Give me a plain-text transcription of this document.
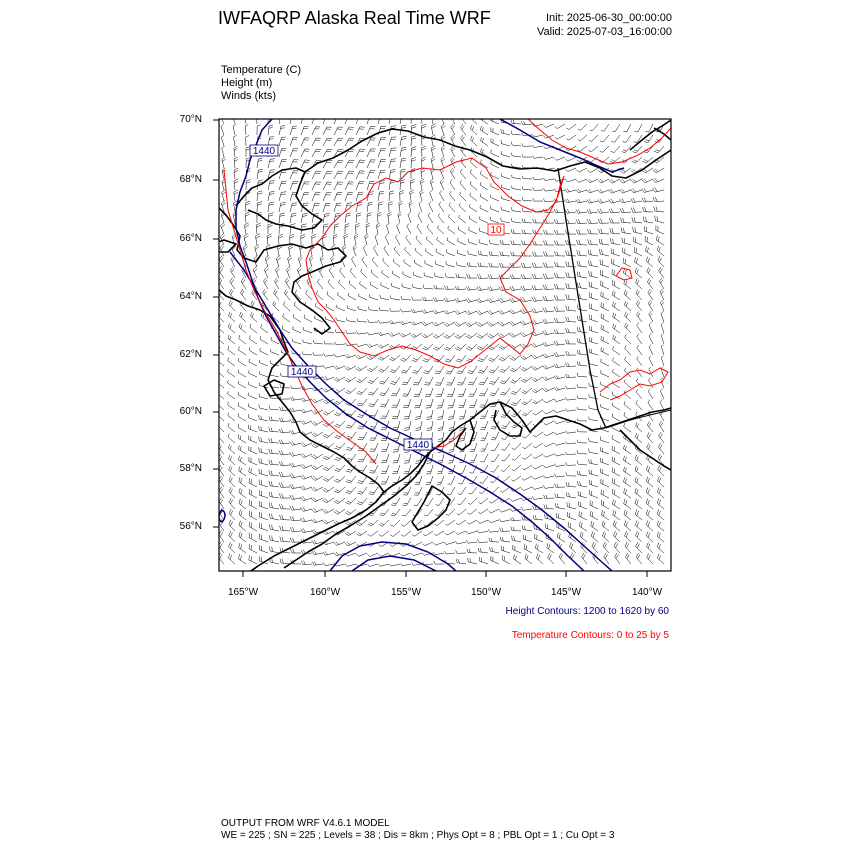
IWFAQRP Alaska Real Time WRF	Init: 2025-06-30_00:00:00
Valid: 2025-07-03_16:00:00
Temperature (C)
Height (m)
Winds (kts)
1440
1440
1440
10
70°N
68°N
66°N
64°N
62°N
60°N
58°N
56°N
165°W	160°W	155°W	150°W	145°W	140°W
Height Contours: 1200 to 1620 by 60
Temperature Contours: 0 to 25 by 5
OUTPUT FROM WRF V4.6.1 MODEL
WE = 225 ; SN = 225 ; Levels = 38 ; Dis = 8km ; Phys Opt = 8 ; PBL Opt = 1 ; Cu Opt = 3
